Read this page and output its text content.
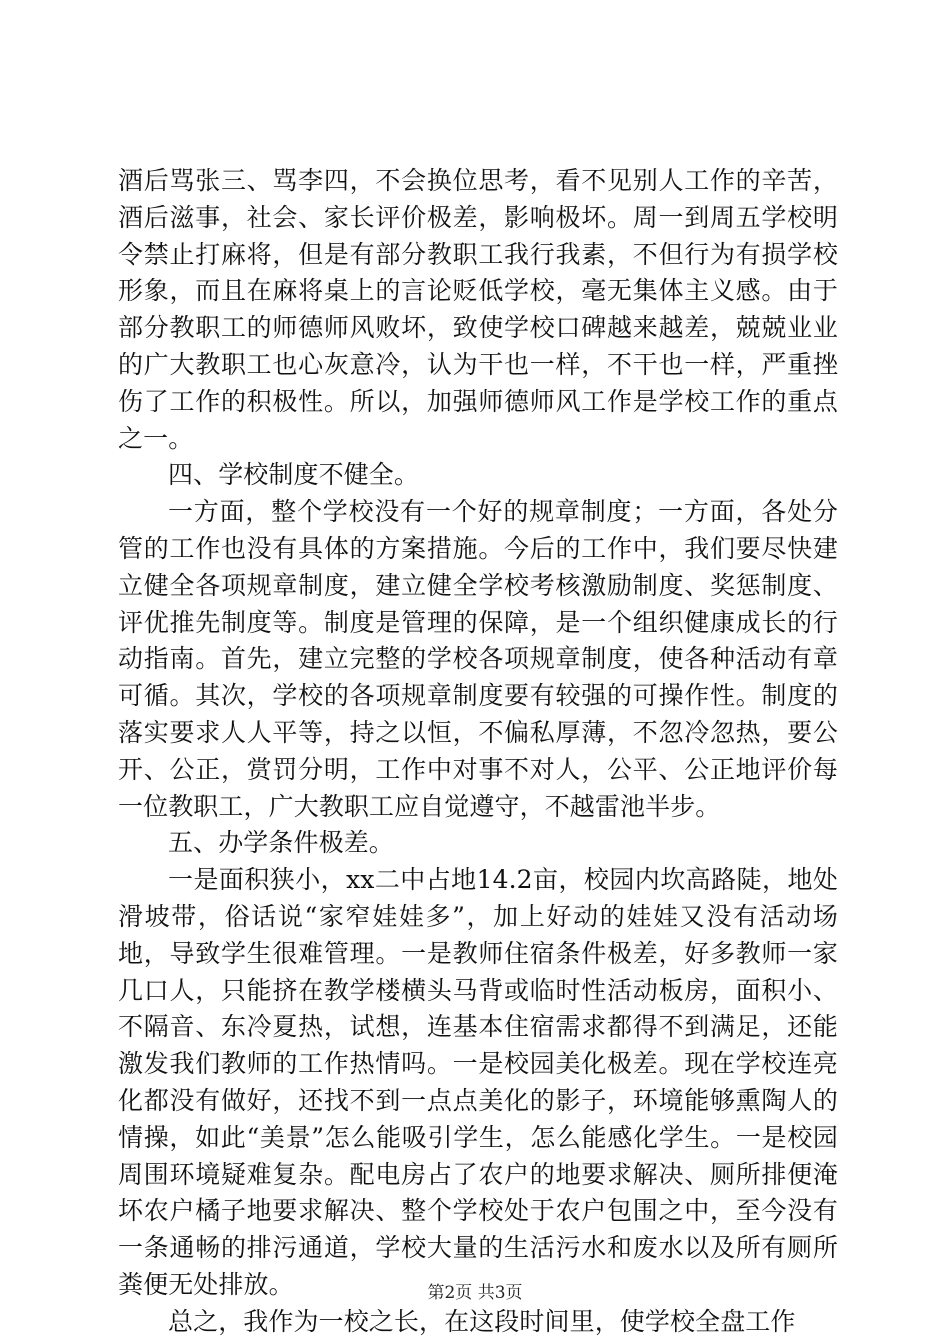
酒后骂张三、骂李四，不会换位思考，看不见别人工作的辛苦，酒后滋事，社会、家长评价极差，影响极坏。周一到周五学校明令禁止打麻将，但是有部分教职工我行我素，不但行为有损学校形象，而且在麻将桌上的言论贬低学校，毫无集体主义感。由于部分教职工的师德师风败坏，致使学校口碑越来越差，兢兢业业的广大教职工也心灰意冷，认为干也一样，不干也一样，严重挫伤了工作的积极性。所以，加强师德师风工作是学校工作的重点之一。

四、学校制度不健全。

一方面，整个学校没有一个好的规章制度；一方面，各处分管的工作也没有具体的方案措施。今后的工作中，我们要尽快建立健全各项规章制度，建立健全学校考核激励制度、奖惩制度、评优推先制度等。制度是管理的保障，是一个组织健康成长的行动指南。首先，建立完整的学校各项规章制度，使各种活动有章可循。其次，学校的各项规章制度要有较强的可操作性。制度的落实要求人人平等，持之以恒，不偏私厚薄，不忽冷忽热，要公开、公正，赏罚分明，工作中对事不对人，公平、公正地评价每一位教职工，广大教职工应自觉遵守，不越雷池半步。

五、办学条件极差。

一是面积狭小，xx二中占地14.2亩，校园内坎高路陡，地处滑坡带，俗话说“家窄娃娃多”，加上好动的娃娃又没有活动场地，导致学生很难管理。一是教师住宿条件极差，好多教师一家几口人，只能挤在教学楼横头马背或临时性活动板房，面积小、不隔音、东冷夏热，试想，连基本住宿需求都得不到满足，还能激发我们教师的工作热情吗。一是校园美化极差。现在学校连亮化都没有做好，还找不到一点点美化的影子，环境能够熏陶人的情操，如此“美景”怎么能吸引学生，怎么能感化学生。一是校园周围环境疑难复杂。配电房占了农户的地要求解决、厕所排便淹坏农户橘子地要求解决、整个学校处于农户包围之中，至今没有一条通畅的排污通道，学校大量的生活污水和废水以及所有厕所粪便无处排放。

总之，我作为一校之长，在这段时间里，使学校全盘工作

第2页 共3页
